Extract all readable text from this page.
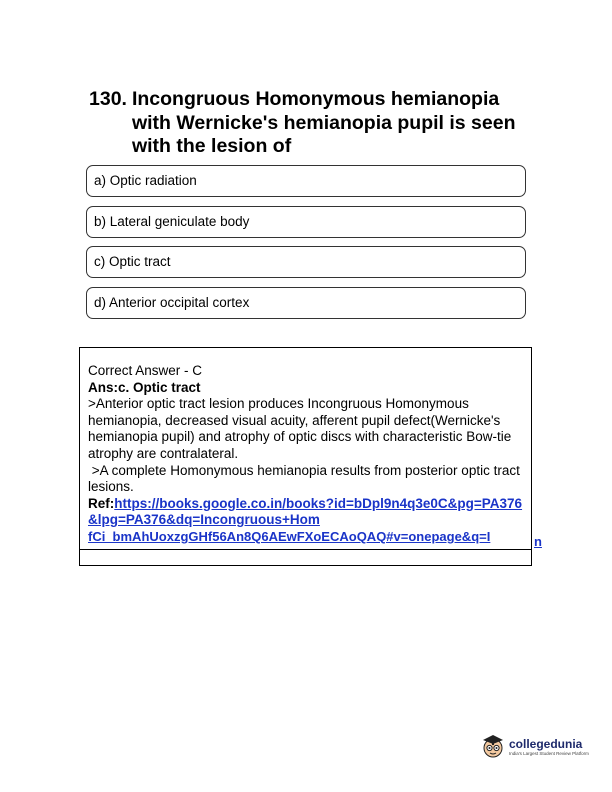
130. Incongruous Homonymous hemianopia with Wernicke's hemianopia pupil is seen with the lesion of
a) Optic radiation
b) Lateral geniculate body
c) Optic tract
d) Anterior occipital cortex

Correct Answer - C

Ans:c. Optic tract

>Anterior optic tract lesion produces Incongruous Homonymous hemianopia, decreased visual acuity, afferent pupil defect(Wernicke's hemianopia pupil) and atrophy of optic discs with characteristic Bow-tie atrophy are contralateral.

>A complete Homonymous hemianopia results from posterior optic tract lesions.

Ref:https://books.google.co.in/books?id=bDpl9n4q3e0C&pg=PA376&lpg=PA376&dq=Incongruous+Hom

fCi_bmAhUoxzgGHf56An8Q6AEwFXoECAoQAQ#v=onepage&q=I	n
collegedunia
India's Largest Student Review Platform
